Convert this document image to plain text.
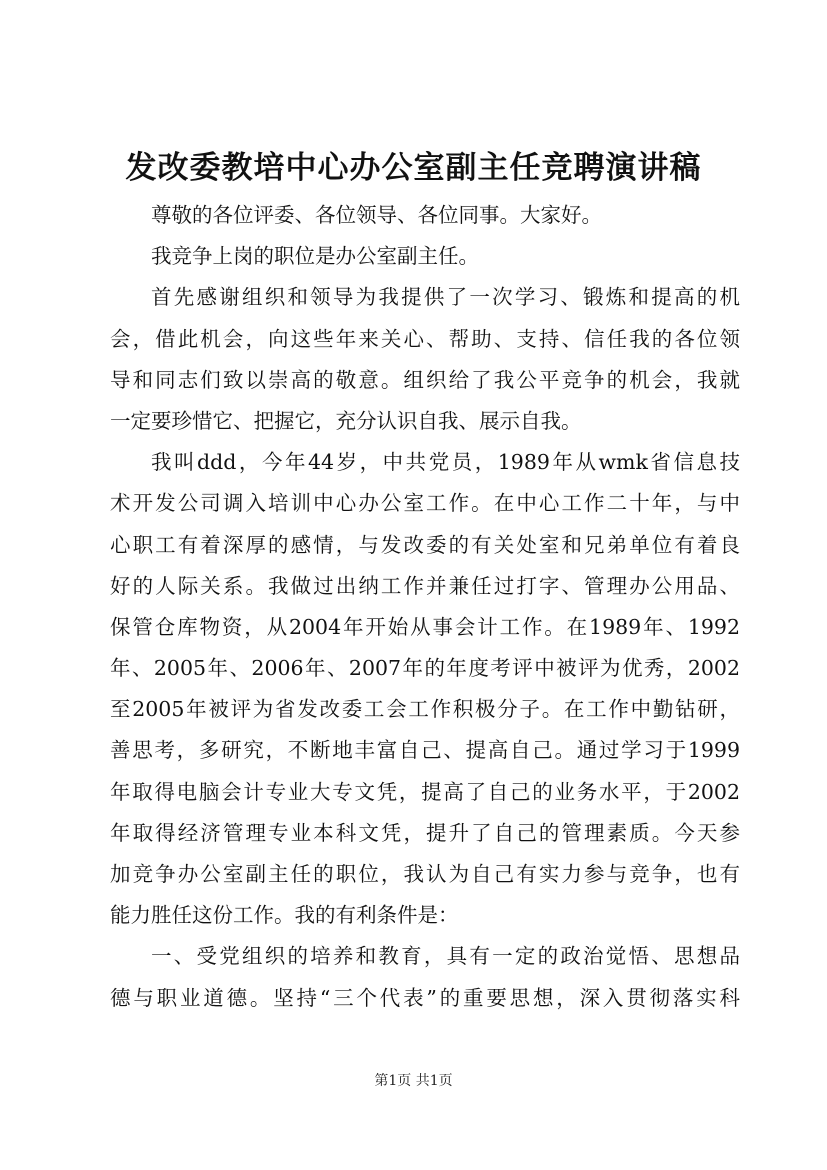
发改委教培中心办公室副主任竞聘演讲稿
尊敬的各位评委、各位领导、各位同事。大家好。
我竞争上岗的职位是办公室副主任。
首先感谢组织和领导为我提供了一次学习、锻炼和提高的机
会，借此机会，向这些年来关心、帮助、支持、信任我的各位领
导和同志们致以崇高的敬意。组织给了我公平竞争的机会，我就
一定要珍惜它、把握它，充分认识自我、展示自我。
我叫ddd，今年44岁，中共党员，1989年从wmk省信息技
术开发公司调入培训中心办公室工作。在中心工作二十年，与中
心职工有着深厚的感情，与发改委的有关处室和兄弟单位有着良
好的人际关系。我做过出纳工作并兼任过打字、管理办公用品、
保管仓库物资，从2004年开始从事会计工作。在1989年、1992
年、2005年、2006年、2007年的年度考评中被评为优秀，2002
至2005年被评为省发改委工会工作积极分子。在工作中勤钻研，
善思考，多研究，不断地丰富自己、提高自己。通过学习于1999
年取得电脑会计专业大专文凭，提高了自己的业务水平，于2002
年取得经济管理专业本科文凭，提升了自己的管理素质。今天参
加竞争办公室副主任的职位，我认为自己有实力参与竞争，也有
能力胜任这份工作。我的有利条件是：
一、受党组织的培养和教育，具有一定的政治觉悟、思想品
德与职业道德。坚持“三个代表”的重要思想，深入贯彻落实科
第1页 共1页
